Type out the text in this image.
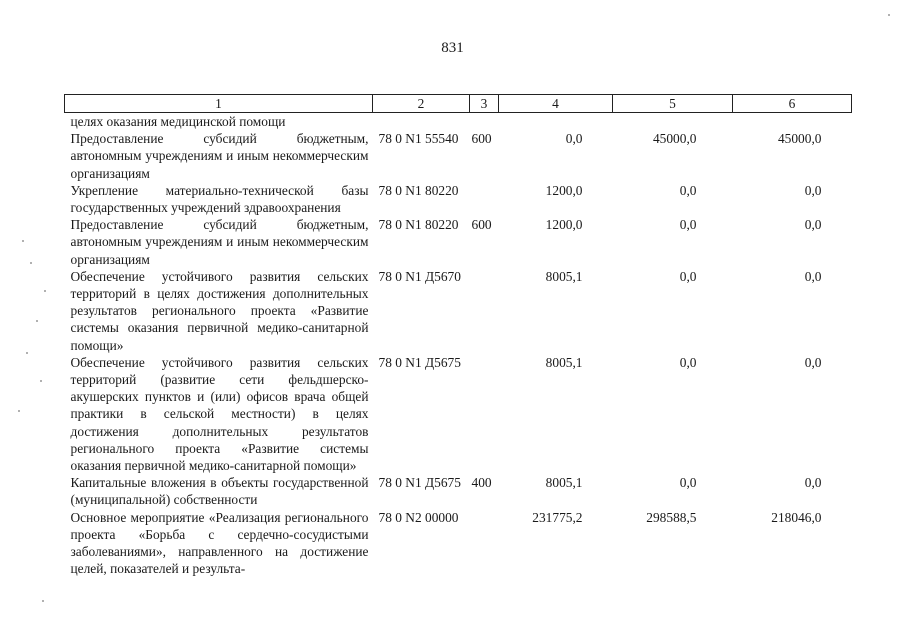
831
1	2	3	4	5	6
целях оказания медицинской помощи					
Предоставление субсидий бюджетным, автономным учреждениям и иным некоммерческим организациям	78 0 N1 55540	600	0,0	45000,0	45000,0
Укрепление материально-технической базы государственных учреждений здравоохранения	78 0 N1 80220		1200,0	0,0	0,0
Предоставление субсидий бюджетным, автономным учреждениям и иным некоммерческим организациям	78 0 N1 80220	600	1200,0	0,0	0,0
Обеспечение устойчивого развития сельских территорий в целях достижения дополнительных результатов регионального проекта «Развитие системы оказания первичной медико-санитарной помощи»	78 0 N1 Д5670		8005,1	0,0	0,0
Обеспечение устойчивого развития сельских территорий (развитие сети фельдшерско-акушерских пунктов и (или) офисов врача общей практики в сельской местности) в целях достижения дополнительных результатов регионального проекта «Развитие системы оказания первичной медико-санитарной помощи»	78 0 N1 Д5675		8005,1	0,0	0,0
Капитальные вложения в объекты государственной (муниципальной) собственности	78 0 N1 Д5675	400	8005,1	0,0	0,0
Основное мероприятие «Реализация регионального проекта «Борьба с сердечно-сосудистыми заболеваниями», направленного на достижение целей, показателей и результа-	78 0 N2 00000		231775,2	298588,5	218046,0
